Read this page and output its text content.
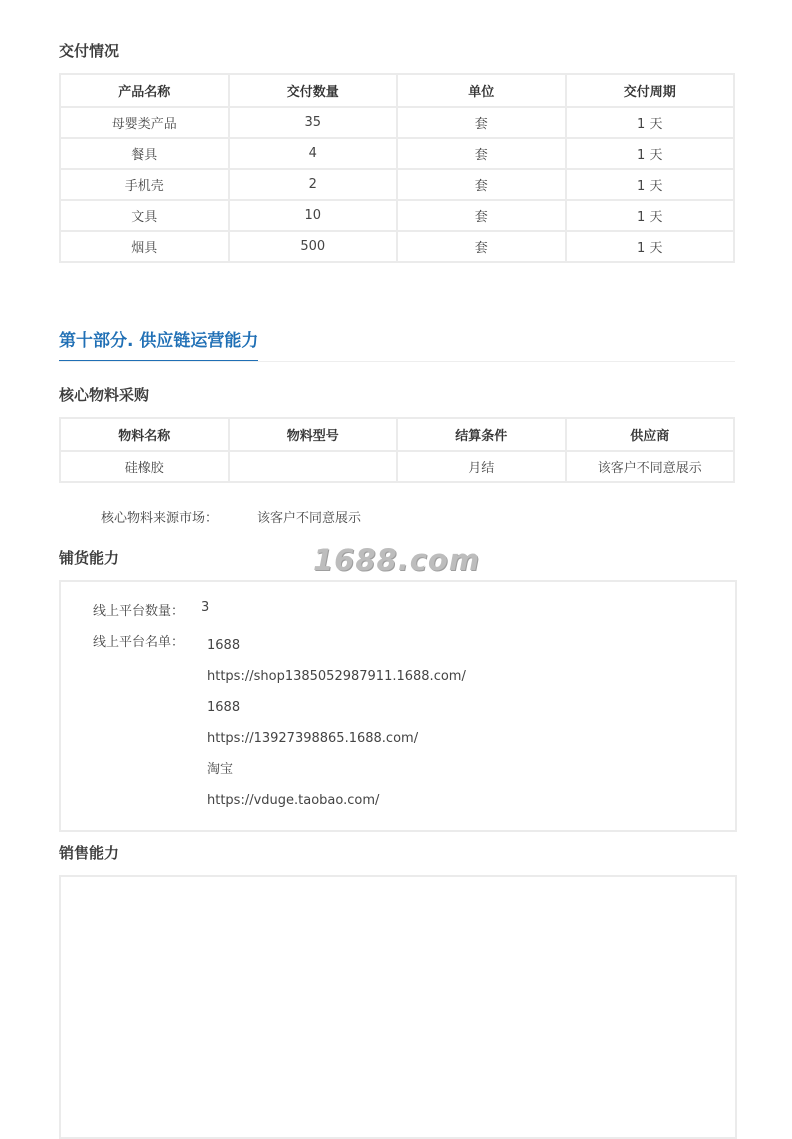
交付情况
产品名称	交付数量	单位	交付周期
母婴类产品	35	套	1 天
餐具	4	套	1 天
手机壳	2	套	1 天
文具	10	套	1 天
烟具	500	套	1 天
第十部分. 供应链运营能力
核心物料采购
物料名称	物料型号	结算条件	供应商
硅橡胶		月结	该客户不同意展示
核心物料来源市场：	该客户不同意展示
1688.com
铺货能力
线上平台数量： 3
线上平台名单： 1688
https://shop1385052987911.1688.com/
1688
https://13927398865.1688.com/
淘宝
https://vduge.taobao.com/
销售能力
